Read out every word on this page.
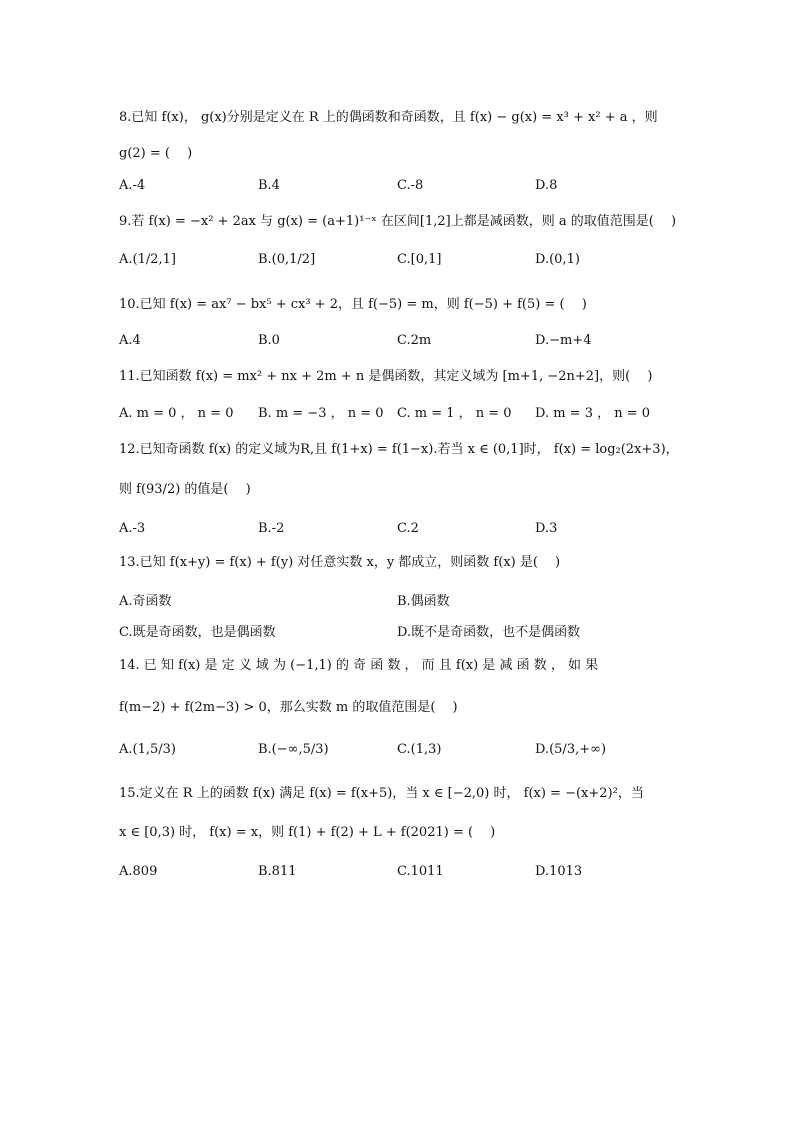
8.已知 f(x)， g(x)分别是定义在 R 上的偶函数和奇函数，且 f(x) − g(x) = x³ + x² + a ，则
g(2) = (　 )
A.-4	B.4	C.-8	D.8
9.若 f(x) = −x² + 2ax 与 g(x) = (a+1)¹⁻ˣ 在区间[1,2]上都是减函数，则 a 的取值范围是(　 )
A.(1/2,1]	B.(0,1/2]	C.[0,1]	D.(0,1)
10.已知 f(x) = ax⁷ − bx⁵ + cx³ + 2，且 f(−5) = m，则 f(−5) + f(5) = (　 )
A.4	B.0	C.2m	D.−m+4
11.已知函数 f(x) = mx² + nx + 2m + n 是偶函数，其定义域为 [m+1, −2n+2]，则(　 )
A. m = 0 ， n = 0 B. m = −3 ， n = 0 C. m = 1 ， n = 0 D. m = 3 ， n = 0
12.已知奇函数 f(x) 的定义域为R,且 f(1+x) = f(1−x).若当 x ∈ (0,1]时， f(x) = log₂(2x+3)，
则 f(93/2) 的值是(　 )
A.-3	B.-2	C.2	D.3
13.已知 f(x+y) = f(x) + f(y) 对任意实数 x，y 都成立，则函数 f(x) 是(　 )
A.奇函数	B.偶函数
C.既是奇函数，也是偶函数	D.既不是奇函数，也不是偶函数
14. 已 知 f(x) 是 定 义 域 为 (−1,1) 的 奇 函 数 ， 而 且 f(x) 是 减 函 数 ， 如 果
f(m−2) + f(2m−3) > 0，那么实数 m 的取值范围是(　 )
A.(1,5/3)	B.(−∞,5/3)	C.(1,3)	D.(5/3,+∞)
15.定义在 R 上的函数 f(x) 满足 f(x) = f(x+5)，当 x ∈ [−2,0) 时， f(x) = −(x+2)²，当
x ∈ [0,3) 时， f(x) = x，则 f(1) + f(2) + L + f(2021) = (　 )
A.809	B.811	C.1011	D.1013
